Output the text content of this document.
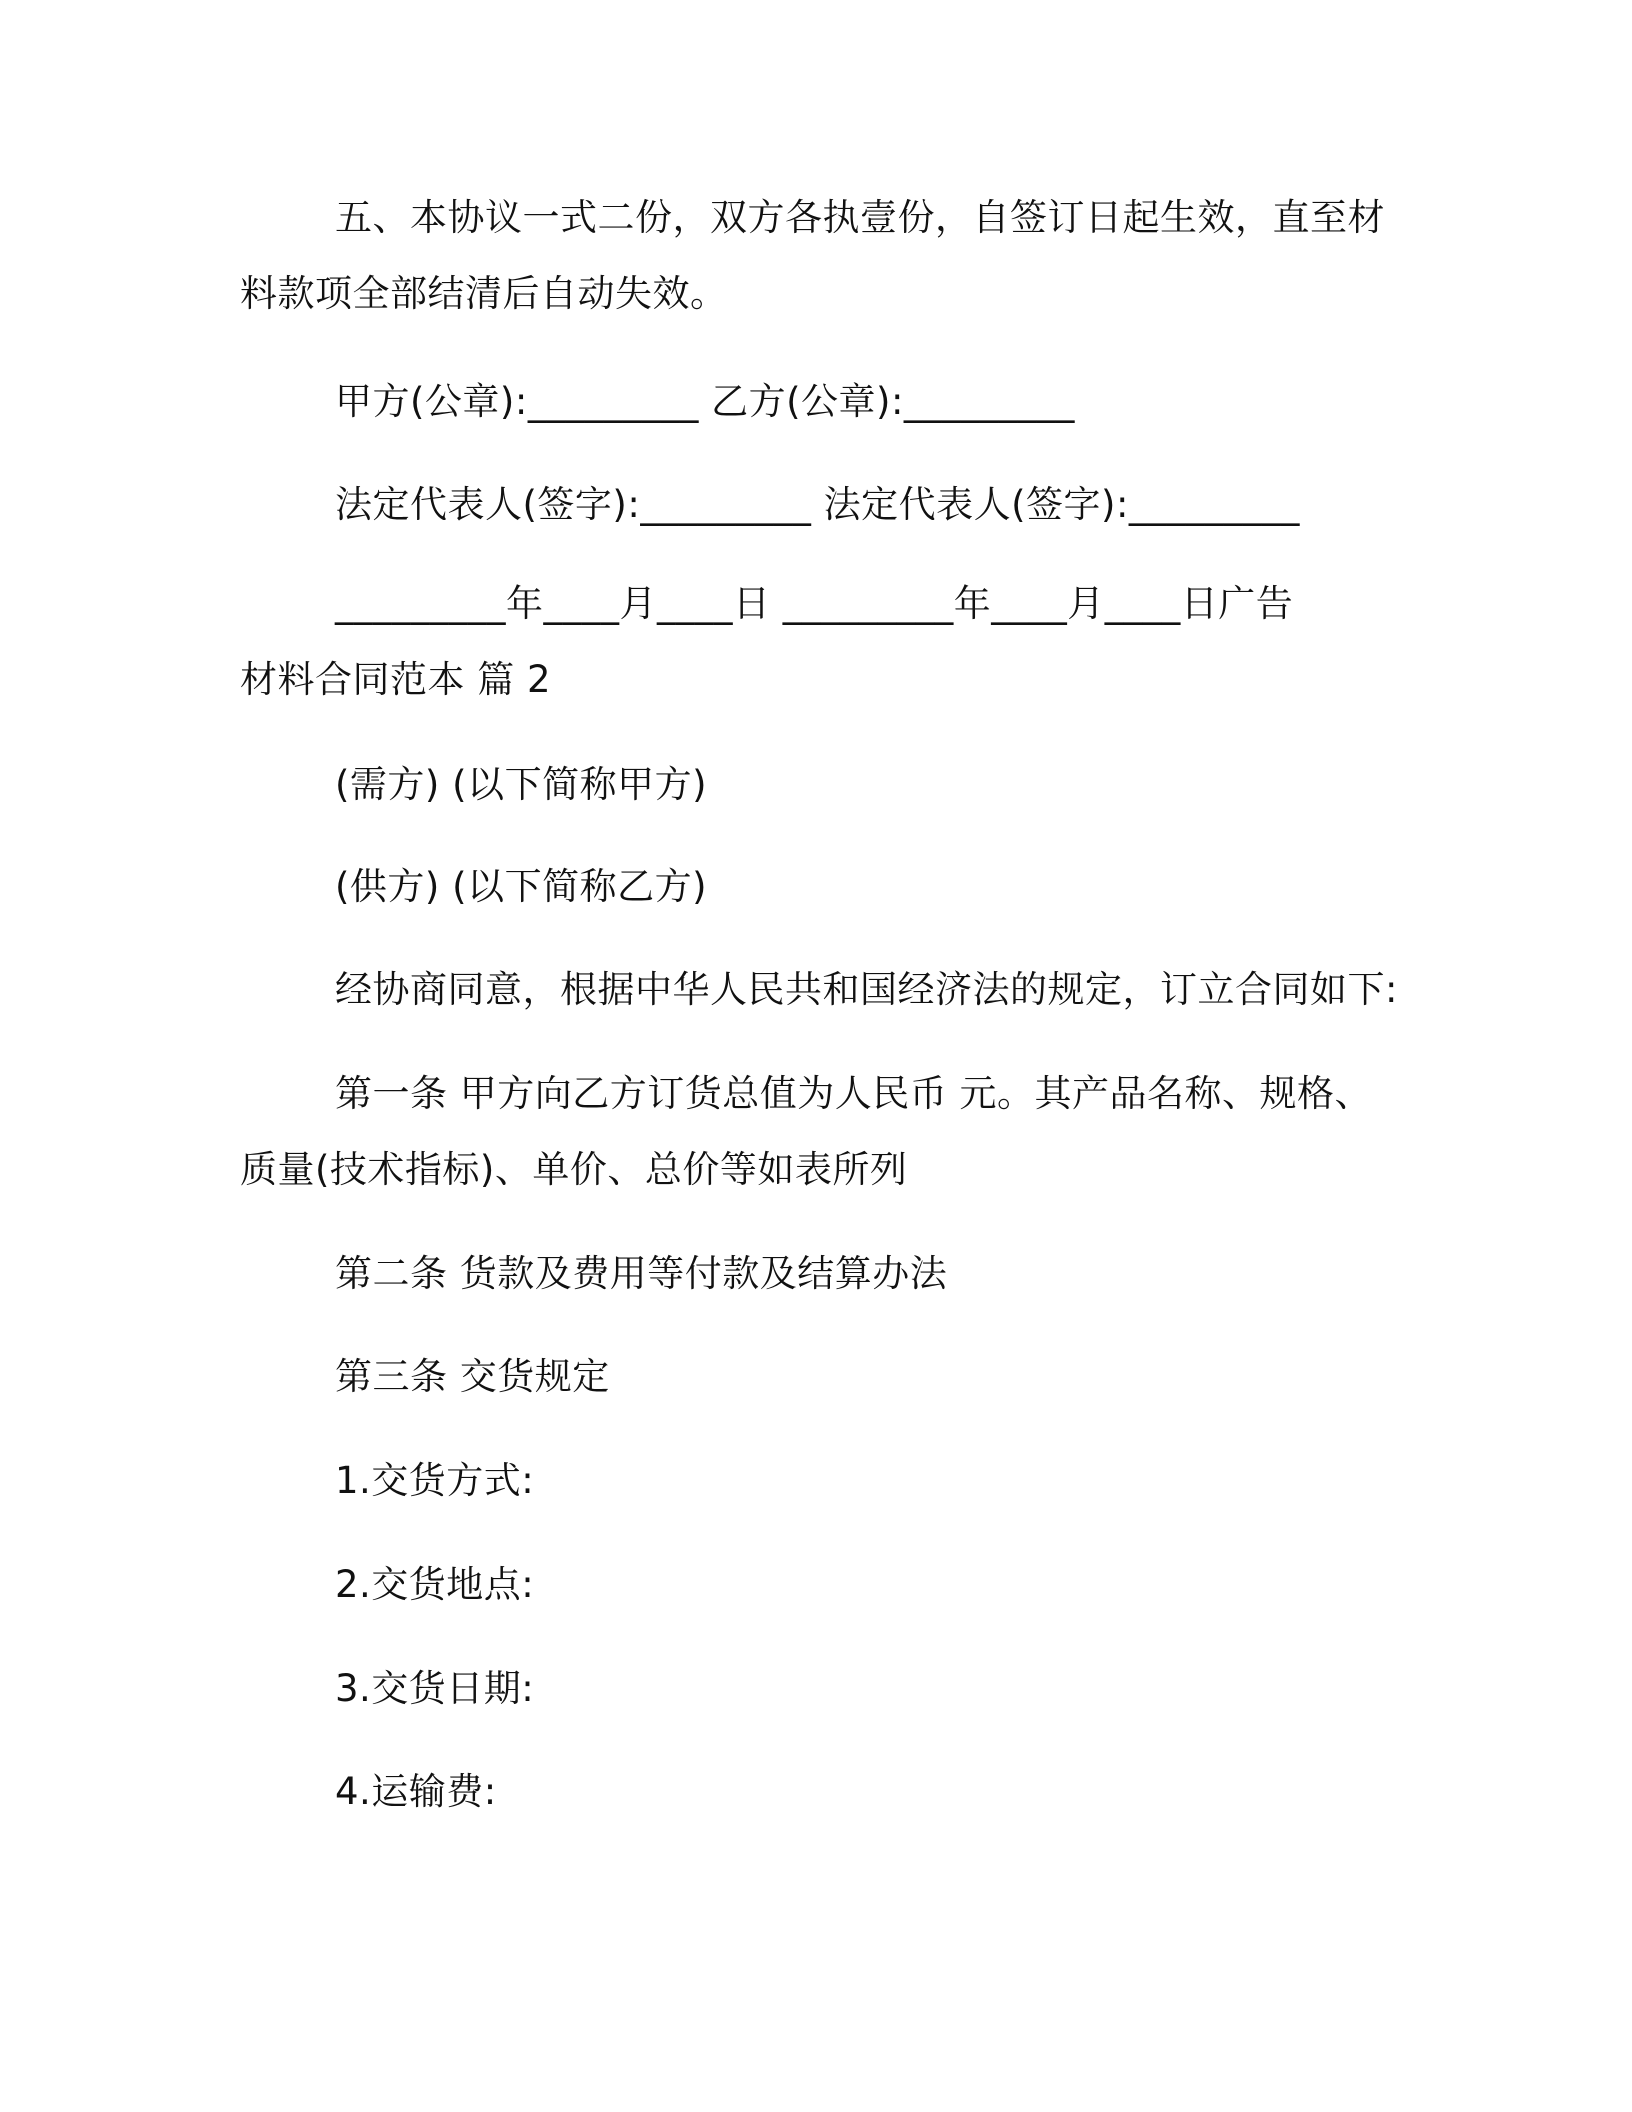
五、本协议一式二份，双方各执壹份，自签订日起生效，直至材
料款项全部结清后自动失效。
甲方(公章):_________ 乙方(公章):_________
法定代表人(签字):_________ 法定代表人(签字):_________
_________年____月____日 _________年____月____日广告
材料合同范本 篇 2
(需方) (以下简称甲方)
(供方) (以下简称乙方)
经协商同意，根据中华人民共和国经济法的规定，订立合同如下:
第一条 甲方向乙方订货总值为人民币 元。其产品名称、规格、
质量(技术指标)、单价、总价等如表所列
第二条 货款及费用等付款及结算办法
第三条 交货规定
1.交货方式:
2.交货地点:
3.交货日期:
4.运输费:
